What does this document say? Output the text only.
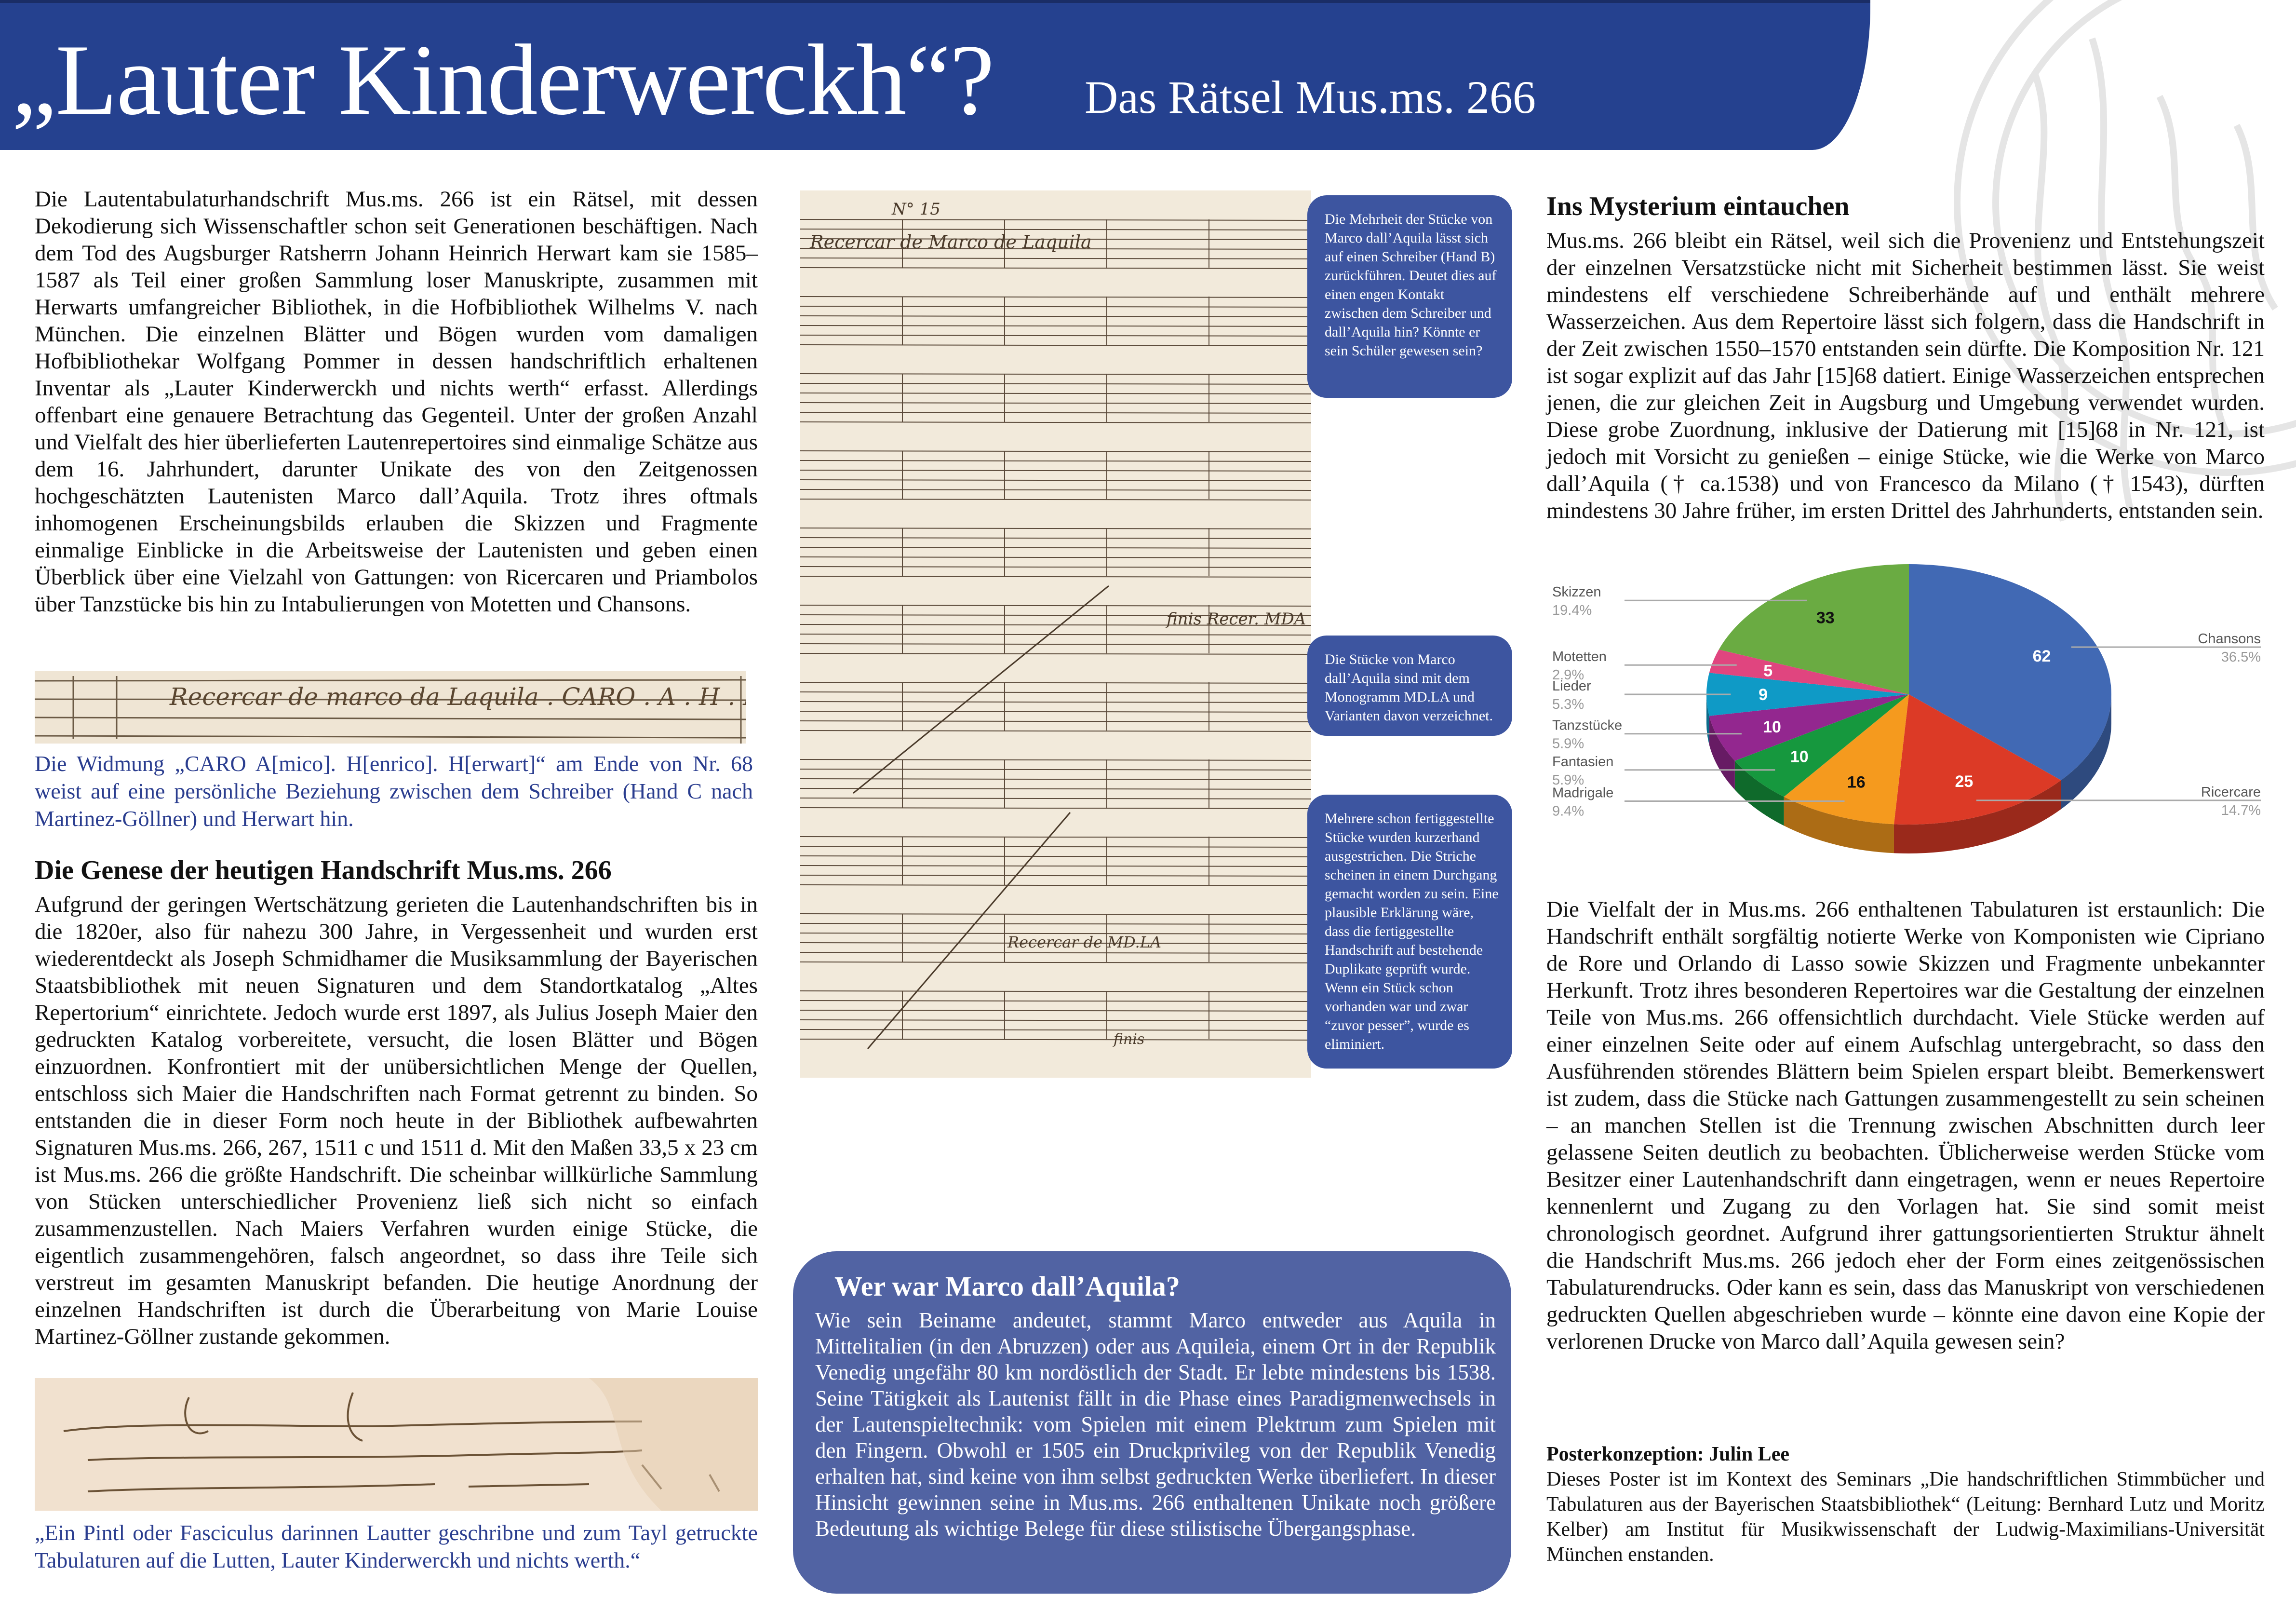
„Lauter Kinderwerckh“? Das Rätsel Mus.ms. 266

Die Lautentabulaturhandschrift Mus.ms. 266 ist ein Rätsel, mit dessen Dekodierung sich Wissenschaftler schon seit Generationen beschäftigen. Nach dem Tod des Augsburger Ratsherrn Johann Heinrich Herwart kam sie 1585–1587 als Teil einer großen Sammlung loser Manuskripte, zusammen mit Herwarts umfangreicher Bibliothek, in die Hofbibliothek Wilhelms V. nach München. Die einzelnen Blätter und Bögen wurden vom damaligen Hofbibliothekar Wolfgang Pommer in dessen handschriftlich erhaltenen Inventar als „Lauter Kinderwerckh und nichts werth“ erfasst. Allerdings offenbart eine genauere Betrachtung das Gegenteil. Unter der großen Anzahl und Vielfalt des hier überlieferten Lautenrepertoires sind einmalige Schätze aus dem 16. Jahrhundert, darunter Unikate des von den Zeitgenossen hochgeschätzten Lautenisten Marco dall’Aquila. Trotz ihres oftmals inhomogenen Erscheinungsbilds erlauben die Skizzen und Fragmente einmalige Einblicke in die Arbeitsweise der Lautenisten und geben einen Überblick über eine Vielzahl von Gattungen: von Ricercaren und Priambolos über Tanzstücke bis hin zu Intabulierungen von Motetten und Chansons.

Recercar de marco da Laquila . CARO . A . H . HE
Die Widmung „CARO A[mico]. H[enrico]. H[erwart]“ am Ende von Nr. 68 weist auf eine persönliche Beziehung zwischen dem Schreiber (Hand C nach Martinez-Göllner) und Herwart hin.
Die Genese der heutigen Handschrift Mus.ms. 266

Aufgrund der geringen Wertschätzung gerieten die Lautenhandschriften bis in die 1820er, also für nahezu 300 Jahre, in Vergessenheit und wurden erst wiederentdeckt als Joseph Schmidhamer die Musiksammlung der Bayerischen Staatsbibliothek mit neuen Signaturen und dem Standortkatalog „Altes Repertorium“ einrichtete. Jedoch wurde erst 1897, als Julius Joseph Maier den gedruckten Katalog vorbereitete, versucht, die losen Blätter und Bögen einzuordnen. Konfrontiert mit der unübersichtlichen Menge der Quellen, entschloss sich Maier die Handschriften nach Format getrennt zu binden. So entstanden die in dieser Form noch heute in der Bibliothek aufbewahrten Signaturen Mus.ms. 266, 267, 1511 c und 1511 d. Mit den Maßen 33,5 x 23 cm ist Mus.ms. 266 die größte Handschrift. Die scheinbar willkürliche Sammlung von Stücken unterschiedlicher Provenienz ließ sich nicht so einfach zusammenzustellen. Nach Maiers Verfahren wurden einige Stücke, die eigentlich zusammengehören, falsch angeordnet, so dass ihre Teile sich verstreut im gesamten Manuskript befanden. Die heutige Anordnung der einzelnen Handschriften ist durch die Überarbeitung von Marie Louise Martinez-Göllner zustande gekommen.

„Ein Pintl oder Fasciculus darinnen Lautter geschribne und zum Tayl getruckte Tabulaturen auf die Lutten, Lauter Kinderwerckh und nichts werth.“
Recercar de Marco de Laquila
N° 15
finis Recer. MDA
Recercar de MD.LA
finis
Die Mehrheit der Stücke von Marco dall’Aquila lässt sich auf einen Schreiber (Hand B) zurückführen. Deutet dies auf einen engen Kontakt zwischen dem Schreiber und dall’Aquila hin? Könnte er sein Schüler gewesen sein?
Die Stücke von Marco dall’Aquila sind mit dem Monogramm MD.LA und Varianten davon verzeichnet.
Mehrere schon fertiggestellte Stücke wurden kurzerhand ausgestrichen. Die Striche scheinen in einem Durchgang gemacht worden zu sein. Eine plausible Erklärung wäre, dass die fertiggestellte Handschrift auf bestehende Duplikate geprüft wurde. Wenn ein Stück schon vorhanden war und zwar “zuvor pesser”, wurde es eliminiert.
Wer war Marco dall’Aquila?

Wie sein Beiname andeutet, stammt Marco entweder aus Aquila in Mittelitalien (in den Abruzzen) oder aus Aquileia, einem Ort in der Republik Venedig ungefähr 80 km nordöstlich der Stadt. Er lebte mindestens bis 1538. Seine Tätigkeit als Lautenist fällt in die Phase eines Paradigmenwechsels in der Lautenspieltechnik: vom Spielen mit einem Plektrum zum Spielen mit den Fingern. Obwohl er 1505 ein Druckprivileg von der Republik Venedig erhalten hat, sind keine von ihm selbst gedruckten Werke überliefert. In dieser Hinsicht gewinnen seine in Mus.ms. 266 enthaltenen Unikate noch größere Bedeutung als wichtige Belege für diese stilistische Übergangsphase.

Ins Mysterium eintauchen

Mus.ms. 266 bleibt ein Rätsel, weil sich die Provenienz und Entstehungszeit der einzelnen Versatzstücke nicht mit Sicherheit bestimmen lässt. Sie weist mindestens elf verschiedene Schreiberhände auf und enthält mehrere Wasserzeichen. Aus dem Repertoire lässt sich folgern, dass die Handschrift in der Zeit zwischen 1550–1570 entstanden sein dürfte. Die Komposition Nr. 121 ist sogar explizit auf das Jahr [15]68 datiert. Einige Wasserzeichen entsprechen jenen, die zur gleichen Zeit in Augsburg und Umgebung verwendet wurden. Diese grobe Zuordnung, inklusive der Datierung mit [15]68 in Nr. 121, ist jedoch mit Vorsicht zu genießen – einige Stücke, wie die Werke von Marco dall’Aquila († ca.1538) und von Francesco da Milano († 1543), dürften mindestens 30 Jahre früher, im ersten Drittel des Jahrhunderts, entstanden sein.

62
Chansons
36.5%
25
Ricercare
14.7%
16
Madrigale
9.4%
10
Fantasien
5.9%
10
Tanzstücke
5.9%
9
Lieder
5.3%
5
Motetten
2.9%
33
Skizzen
19.4%

Die Vielfalt der in Mus.ms. 266 enthaltenen Tabulaturen ist erstaunlich: Die Handschrift enthält sorgfältig notierte Werke von Komponisten wie Cipriano de Rore und Orlando di Lasso sowie Skizzen und Fragmente unbekannter Herkunft. Trotz ihres besonderen Repertoires war die Gestaltung der einzelnen Teile von Mus.ms. 266 offensichtlich durchdacht. Viele Stücke werden auf einer einzelnen Seite oder auf einem Aufschlag untergebracht, so dass den Ausführenden störendes Blättern beim Spielen erspart bleibt. Bemerkenswert ist zudem, dass die Stücke nach Gattungen zusammengestellt zu sein scheinen – an manchen Stellen ist die Trennung zwischen Abschnitten durch leer gelassene Seiten deutlich zu beobachten. Üblicherweise werden Stücke vom Besitzer einer Lautenhandschrift dann eingetragen, wenn er neues Repertoire kennenlernt und Zugang zu den Vorlagen hat. Sie sind somit meist chronologisch geordnet. Aufgrund ihrer gattungsorientierten Struktur ähnelt die Handschrift Mus.ms. 266 jedoch eher der Form eines zeitgenössischen Tabulaturendrucks. Oder kann es sein, dass das Manuskript von verschiedenen gedruckten Quellen abgeschrieben wurde – könnte eine davon eine Kopie der verlorenen Drucke von Marco dall’Aquila gewesen sein?

Posterkonzeption: Julin Lee

Dieses Poster ist im Kontext des Seminars „Die handschriftlichen Stimmbücher und Tabulaturen aus der Bayerischen Staatsbibliothek“ (Leitung: Bernhard Lutz und Moritz Kelber) am Institut für Musikwissenschaft der Ludwig-Maximilians-Universität München enstanden.
